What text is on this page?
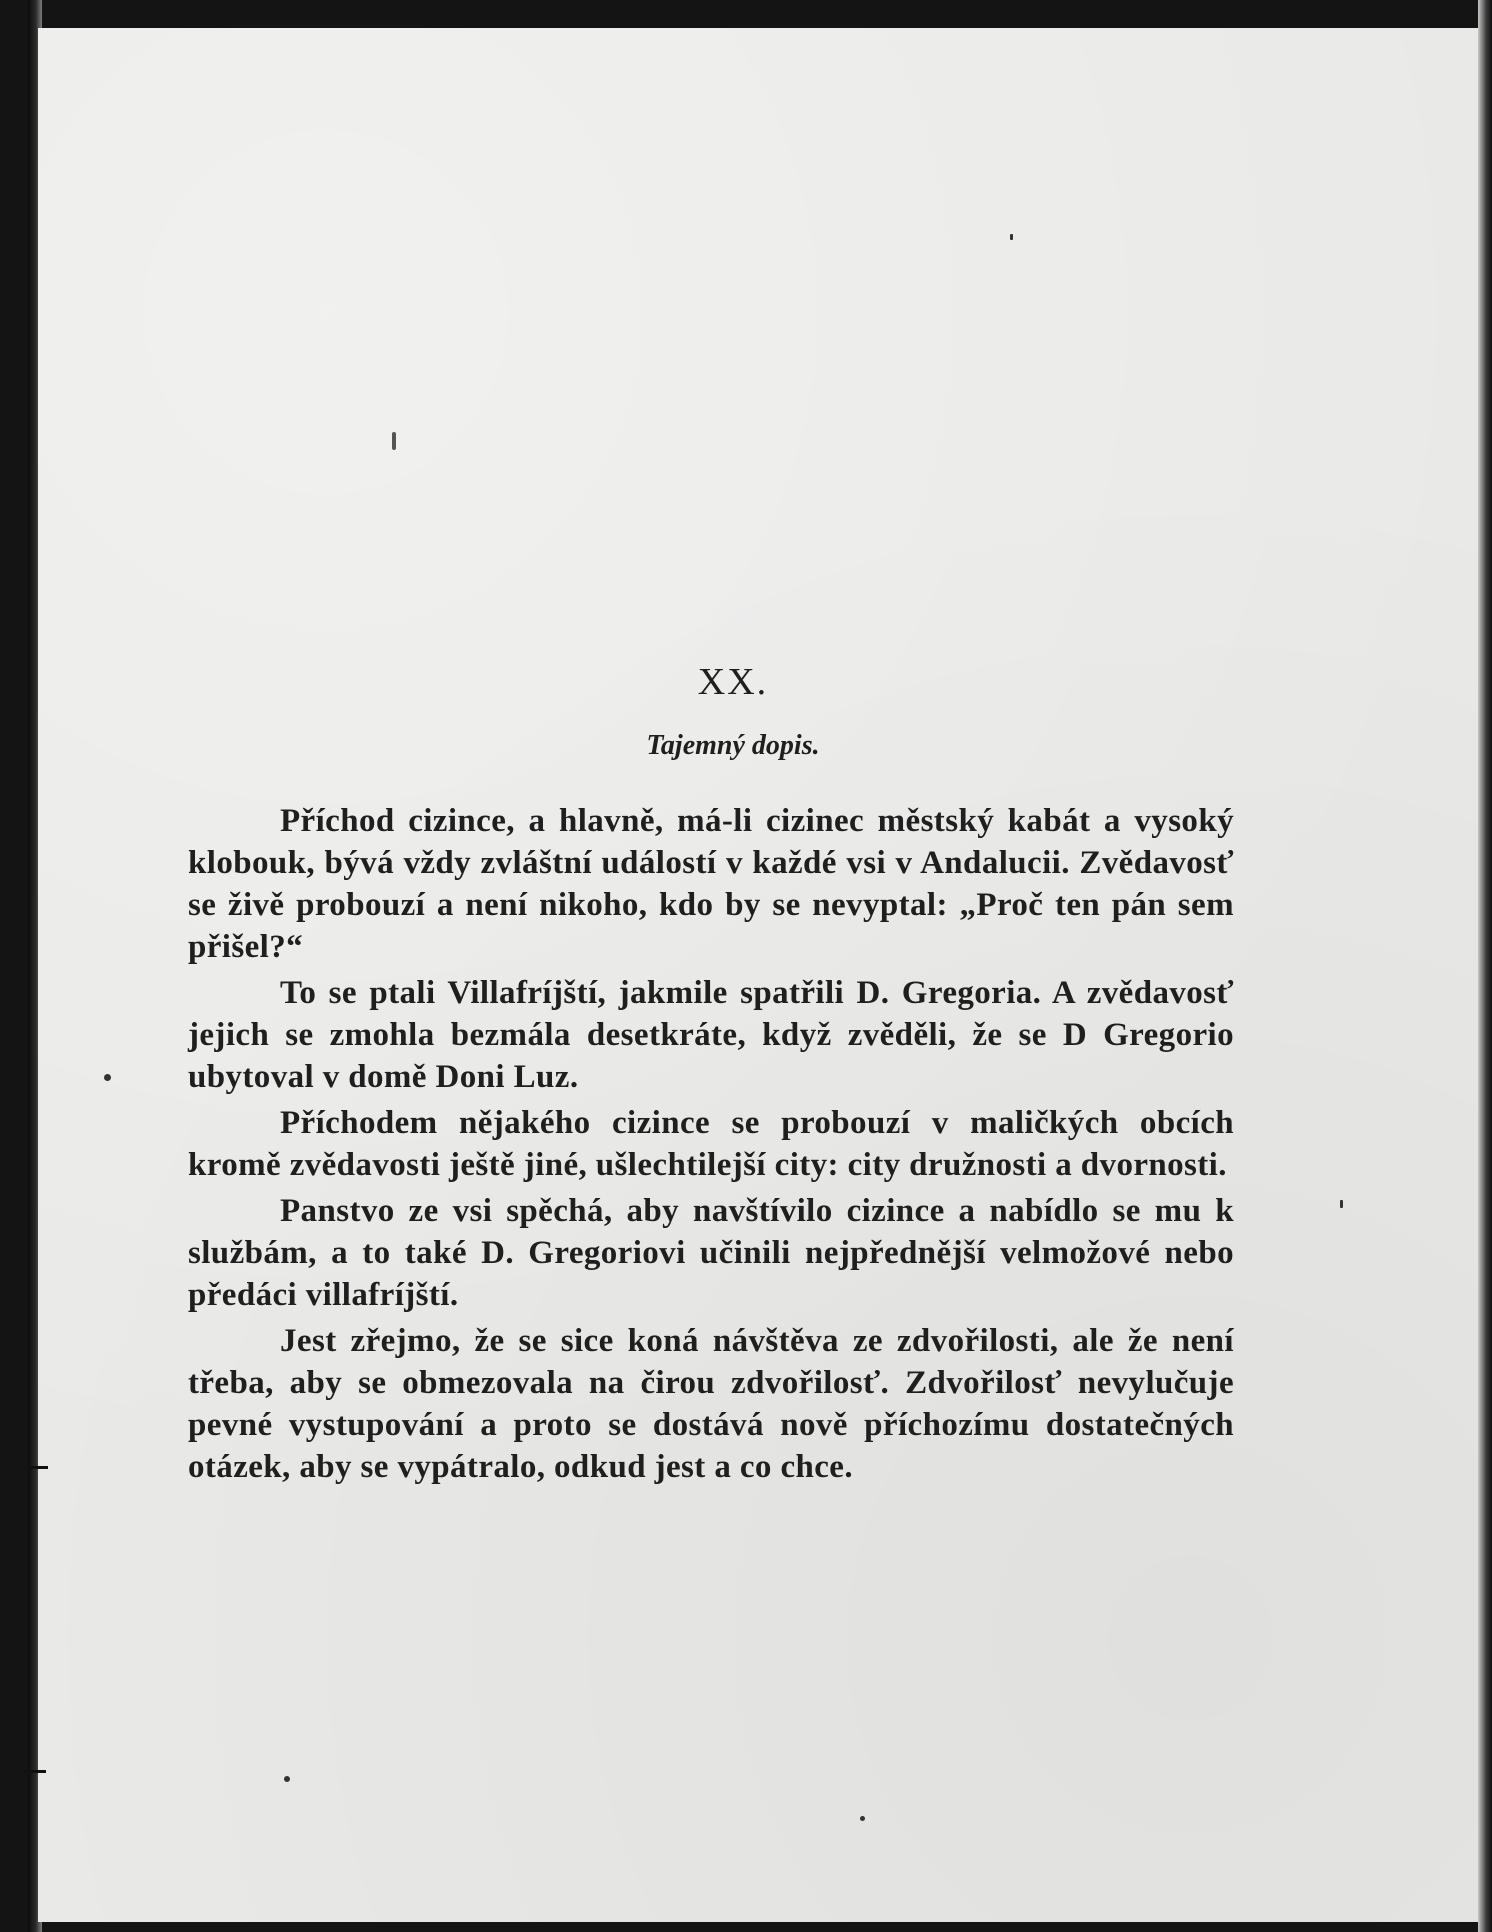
XX.
Tajemný dopis.

Příchod cizince, a hlavně, má-li cizinec městský kabát a vysoký klobouk, bývá vždy zvláštní událostí v každé vsi v Andalucii. Zvědavosť se živě probouzí a není nikoho, kdo by se nevyptal: „Proč ten pán sem přišel?“

To se ptali Villafríjští, jakmile spatřili D. Gregoria. A zvědavosť jejich se zmohla bezmála desetkráte, když zvěděli, že se D Gregorio ubytoval v domě Doni Luz.

Příchodem nějakého cizince se probouzí v maličkých obcích kromě zvědavosti ještě jiné, ušlechtilejší city: city družnosti a dvornosti.

Panstvo ze vsi spěchá, aby navštívilo cizince a nabídlo se mu k službám, a to také D. Gregoriovi učinili nejpřednější velmožové nebo předáci villafríjští.

Jest zřejmo, že se sice koná návštěva ze zdvořilosti, ale že není třeba, aby se obmezovala na čirou zdvořilosť. Zdvořilosť nevylučuje pevné vystupování a proto se dostává nově příchozímu dostatečných otázek, aby se vypátralo, odkud jest a co chce.
